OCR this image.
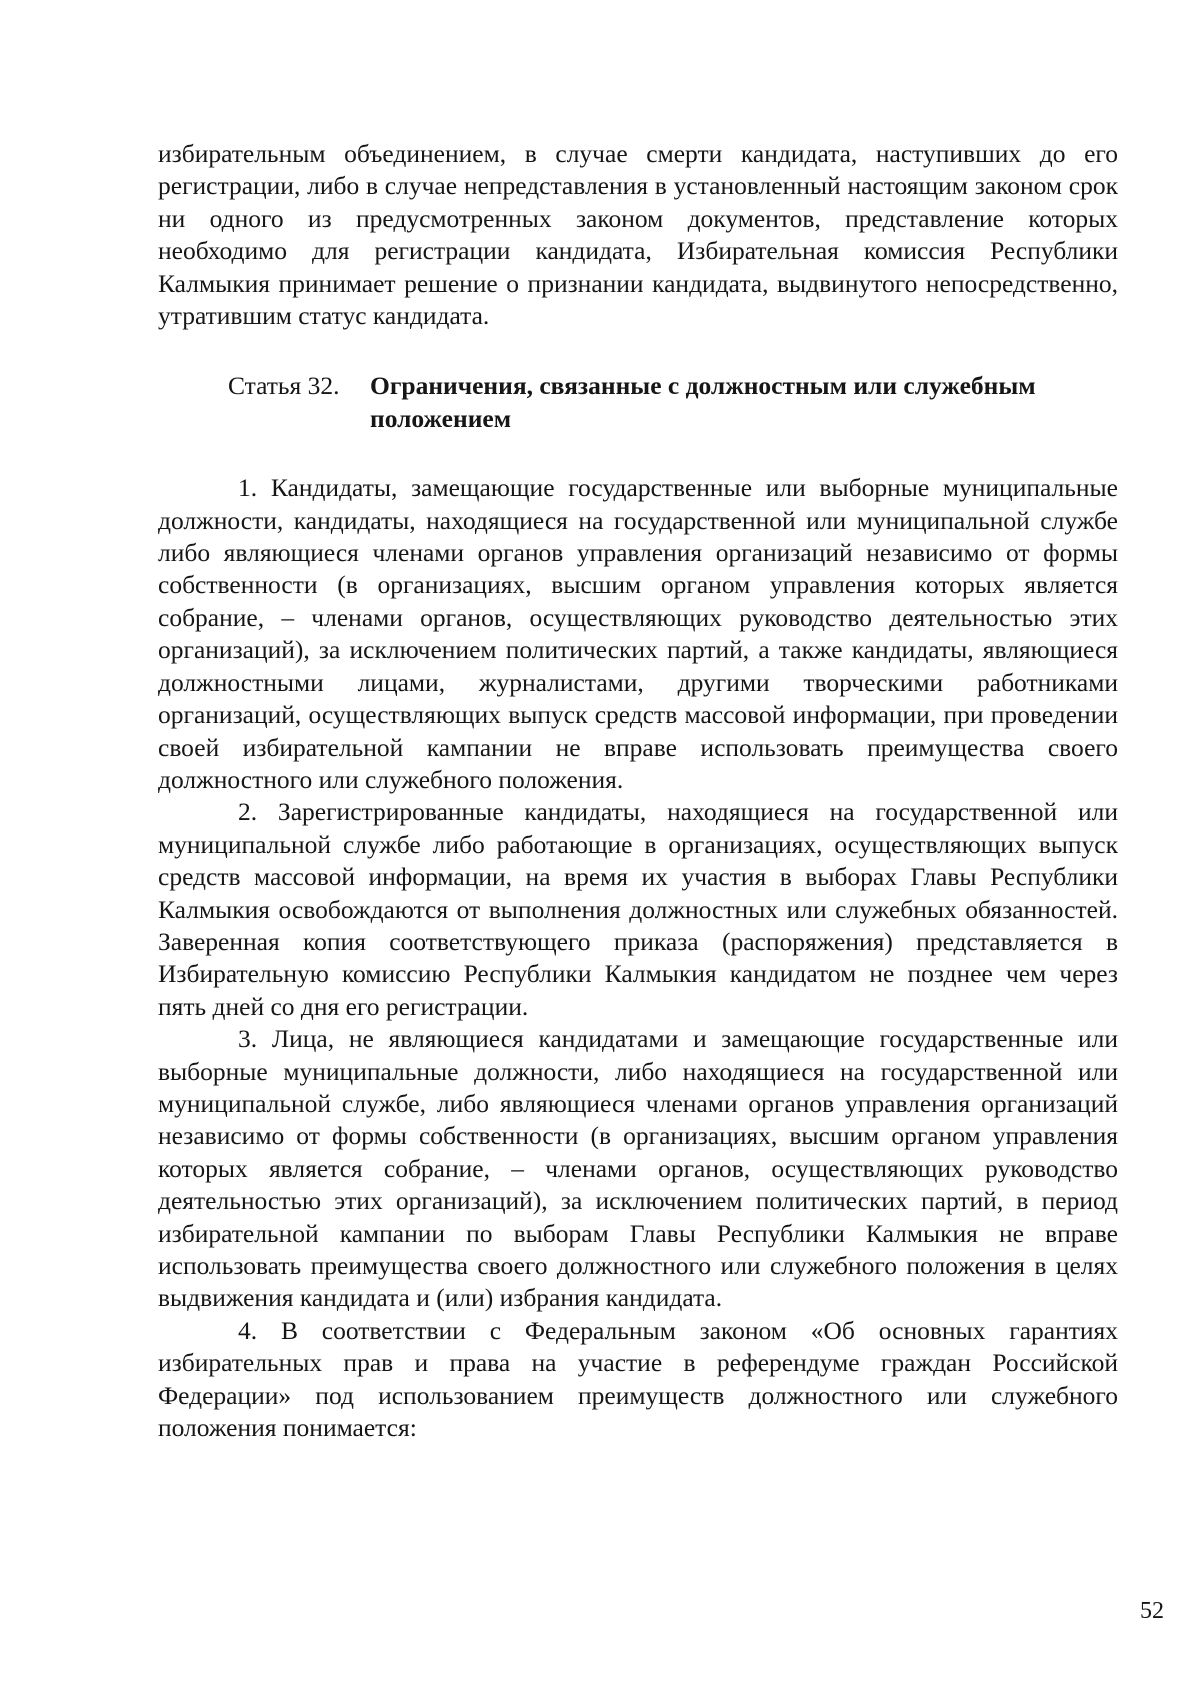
избирательным объединением, в случае смерти кандидата, наступивших до его регистрации, либо в случае непредставления в установленный настоящим законом срок ни одного из предусмотренных законом документов, представление которых необходимо для регистрации кандидата, Избирательная комиссия Республики Калмыкия принимает решение о признании кандидата, выдвинутого непосредственно, утратившим статус кандидата.

Статья 32. Ограничения, связанные с должностным или служебным положением

1. Кандидаты, замещающие государственные или выборные муниципальные должности, кандидаты, находящиеся на государственной или муниципальной службе либо являющиеся членами органов управления организаций независимо от формы собственности (в организациях, высшим органом управления которых является собрание, – членами органов, осуществляющих руководство деятельностью этих организаций), за исключением политических партий, а также кандидаты, являющиеся должностными лицами, журналистами, другими творческими работниками организаций, осуществляющих выпуск средств массовой информации, при проведении своей избирательной кампании не вправе использовать преимущества своего должностного или служебного положения.

2. Зарегистрированные кандидаты, находящиеся на государственной или муниципальной службе либо работающие в организациях, осуществляющих выпуск средств массовой информации, на время их участия в выборах Главы Республики Калмыкия освобождаются от выполнения должностных или служебных обязанностей. Заверенная копия соответствующего приказа (распоряжения) представляется в Избирательную комиссию Республики Калмыкия кандидатом не позднее чем через пять дней со дня его регистрации.

3. Лица, не являющиеся кандидатами и замещающие государственные или выборные муниципальные должности, либо находящиеся на государственной или муниципальной службе, либо являющиеся членами органов управления организаций независимо от формы собственности (в организациях, высшим органом управления которых является собрание, – членами органов, осуществляющих руководство деятельностью этих организаций), за исключением политических партий, в период избирательной кампании по выборам Главы Республики Калмыкия не вправе использовать преимущества своего должностного или служебного положения в целях выдвижения кандидата и (или) избрания кандидата.

4. В соответствии с Федеральным законом «Об основных гарантиях избирательных прав и права на участие в референдуме граждан Российской Федерации» под использованием преимуществ должностного или служебного положения понимается:

52
